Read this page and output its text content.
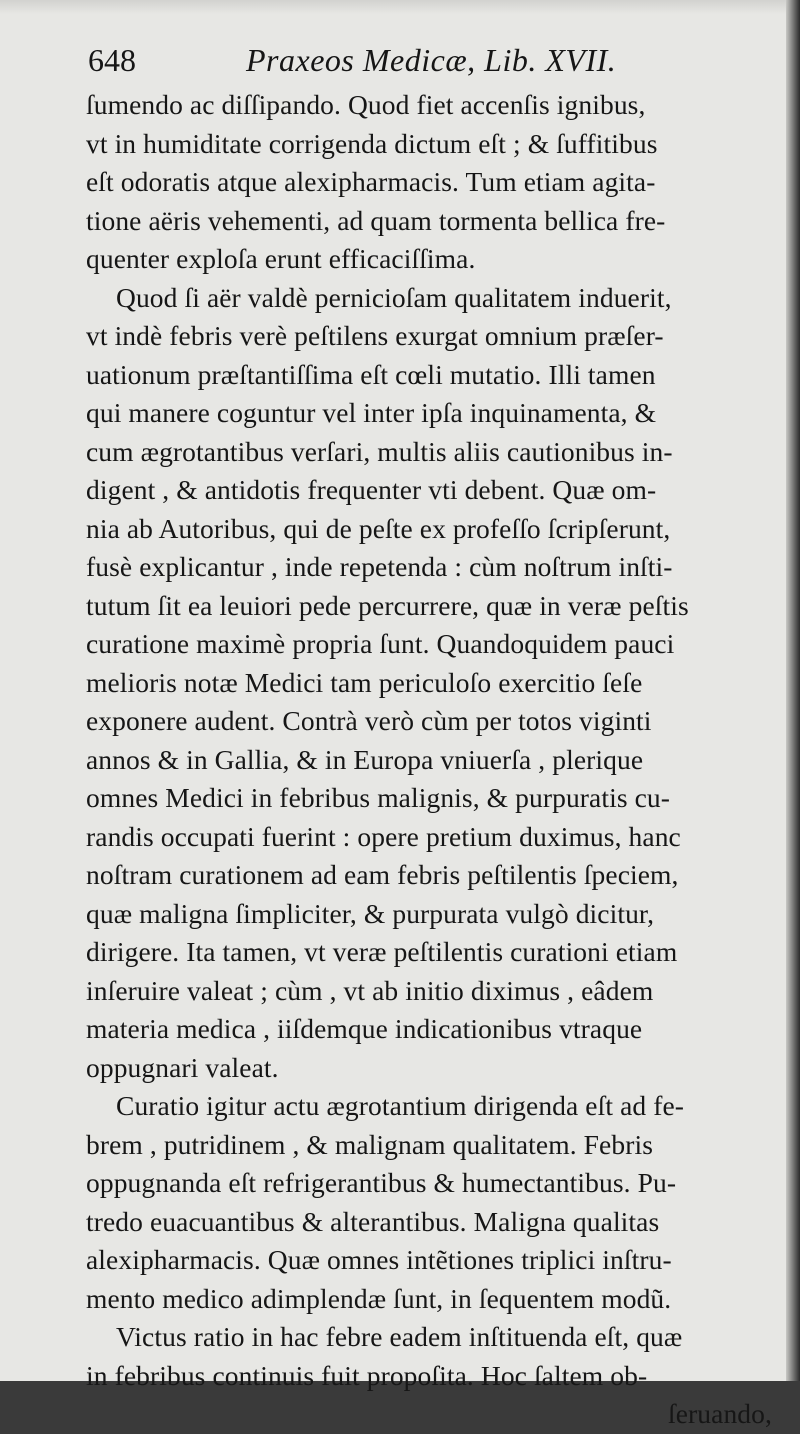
648	Praxeos Medicæ, Lib. XVII.
ſumendo ac diſſipando. Quod fiet accenſis ignibus,
vt in humiditate corrigenda dictum eſt ; & ſuffitibus
eſt odoratis atque alexipharmacis. Tum etiam agita-
tione aëris vehementi, ad quam tormenta bellica fre-
quenter exploſa erunt efficaciſſima.
Quod ſi aër valdè pernicioſam qualitatem induerit,
vt indè febris verè peſtilens exurgat omnium præſer-
uationum præſtantiſſima eſt cœli mutatio. Illi tamen
qui manere coguntur vel inter ipſa inquinamenta, &
cum ægrotantibus verſari, multis aliis cautionibus in-
digent , & antidotis frequenter vti debent. Quæ om-
nia ab Autoribus, qui de peſte ex profeſſo ſcripſerunt,
fusè explicantur , inde repetenda : cùm noſtrum inſti-
tutum ſit ea leuiori pede percurrere, quæ in veræ peſtis
curatione maximè propria ſunt. Quandoquidem pauci
melioris notæ Medici tam periculoſo exercitio ſeſe
exponere audent. Contrà verò cùm per totos viginti
annos & in Gallia, & in Europa vniuerſa , plerique
omnes Medici in febribus malignis, & purpuratis cu-
randis occupati fuerint : opere pretium duximus, hanc
noſtram curationem ad eam febris peſtilentis ſpeciem,
quæ maligna ſimpliciter, & purpurata vulgò dicitur,
dirigere. Ita tamen, vt veræ peſtilentis curationi etiam
inſeruire valeat ; cùm , vt ab initio diximus , eâdem
materia medica , iiſdemque indicationibus vtraque
oppugnari valeat.
Curatio igitur actu ægrotantium dirigenda eſt ad fe-
brem , putridinem , & malignam qualitatem. Febris
oppugnanda eſt refrigerantibus & humectantibus. Pu-
tredo euacuantibus & alterantibus. Maligna qualitas
alexipharmacis. Quæ omnes intẽtiones triplici inſtru-
mento medico adimplendæ ſunt, in ſequentem modũ.
Victus ratio in hac febre eadem inſtituenda eſt, quæ
in febribus continuis fuit propoſita. Hoc ſaltem ob-
ſeruando,
